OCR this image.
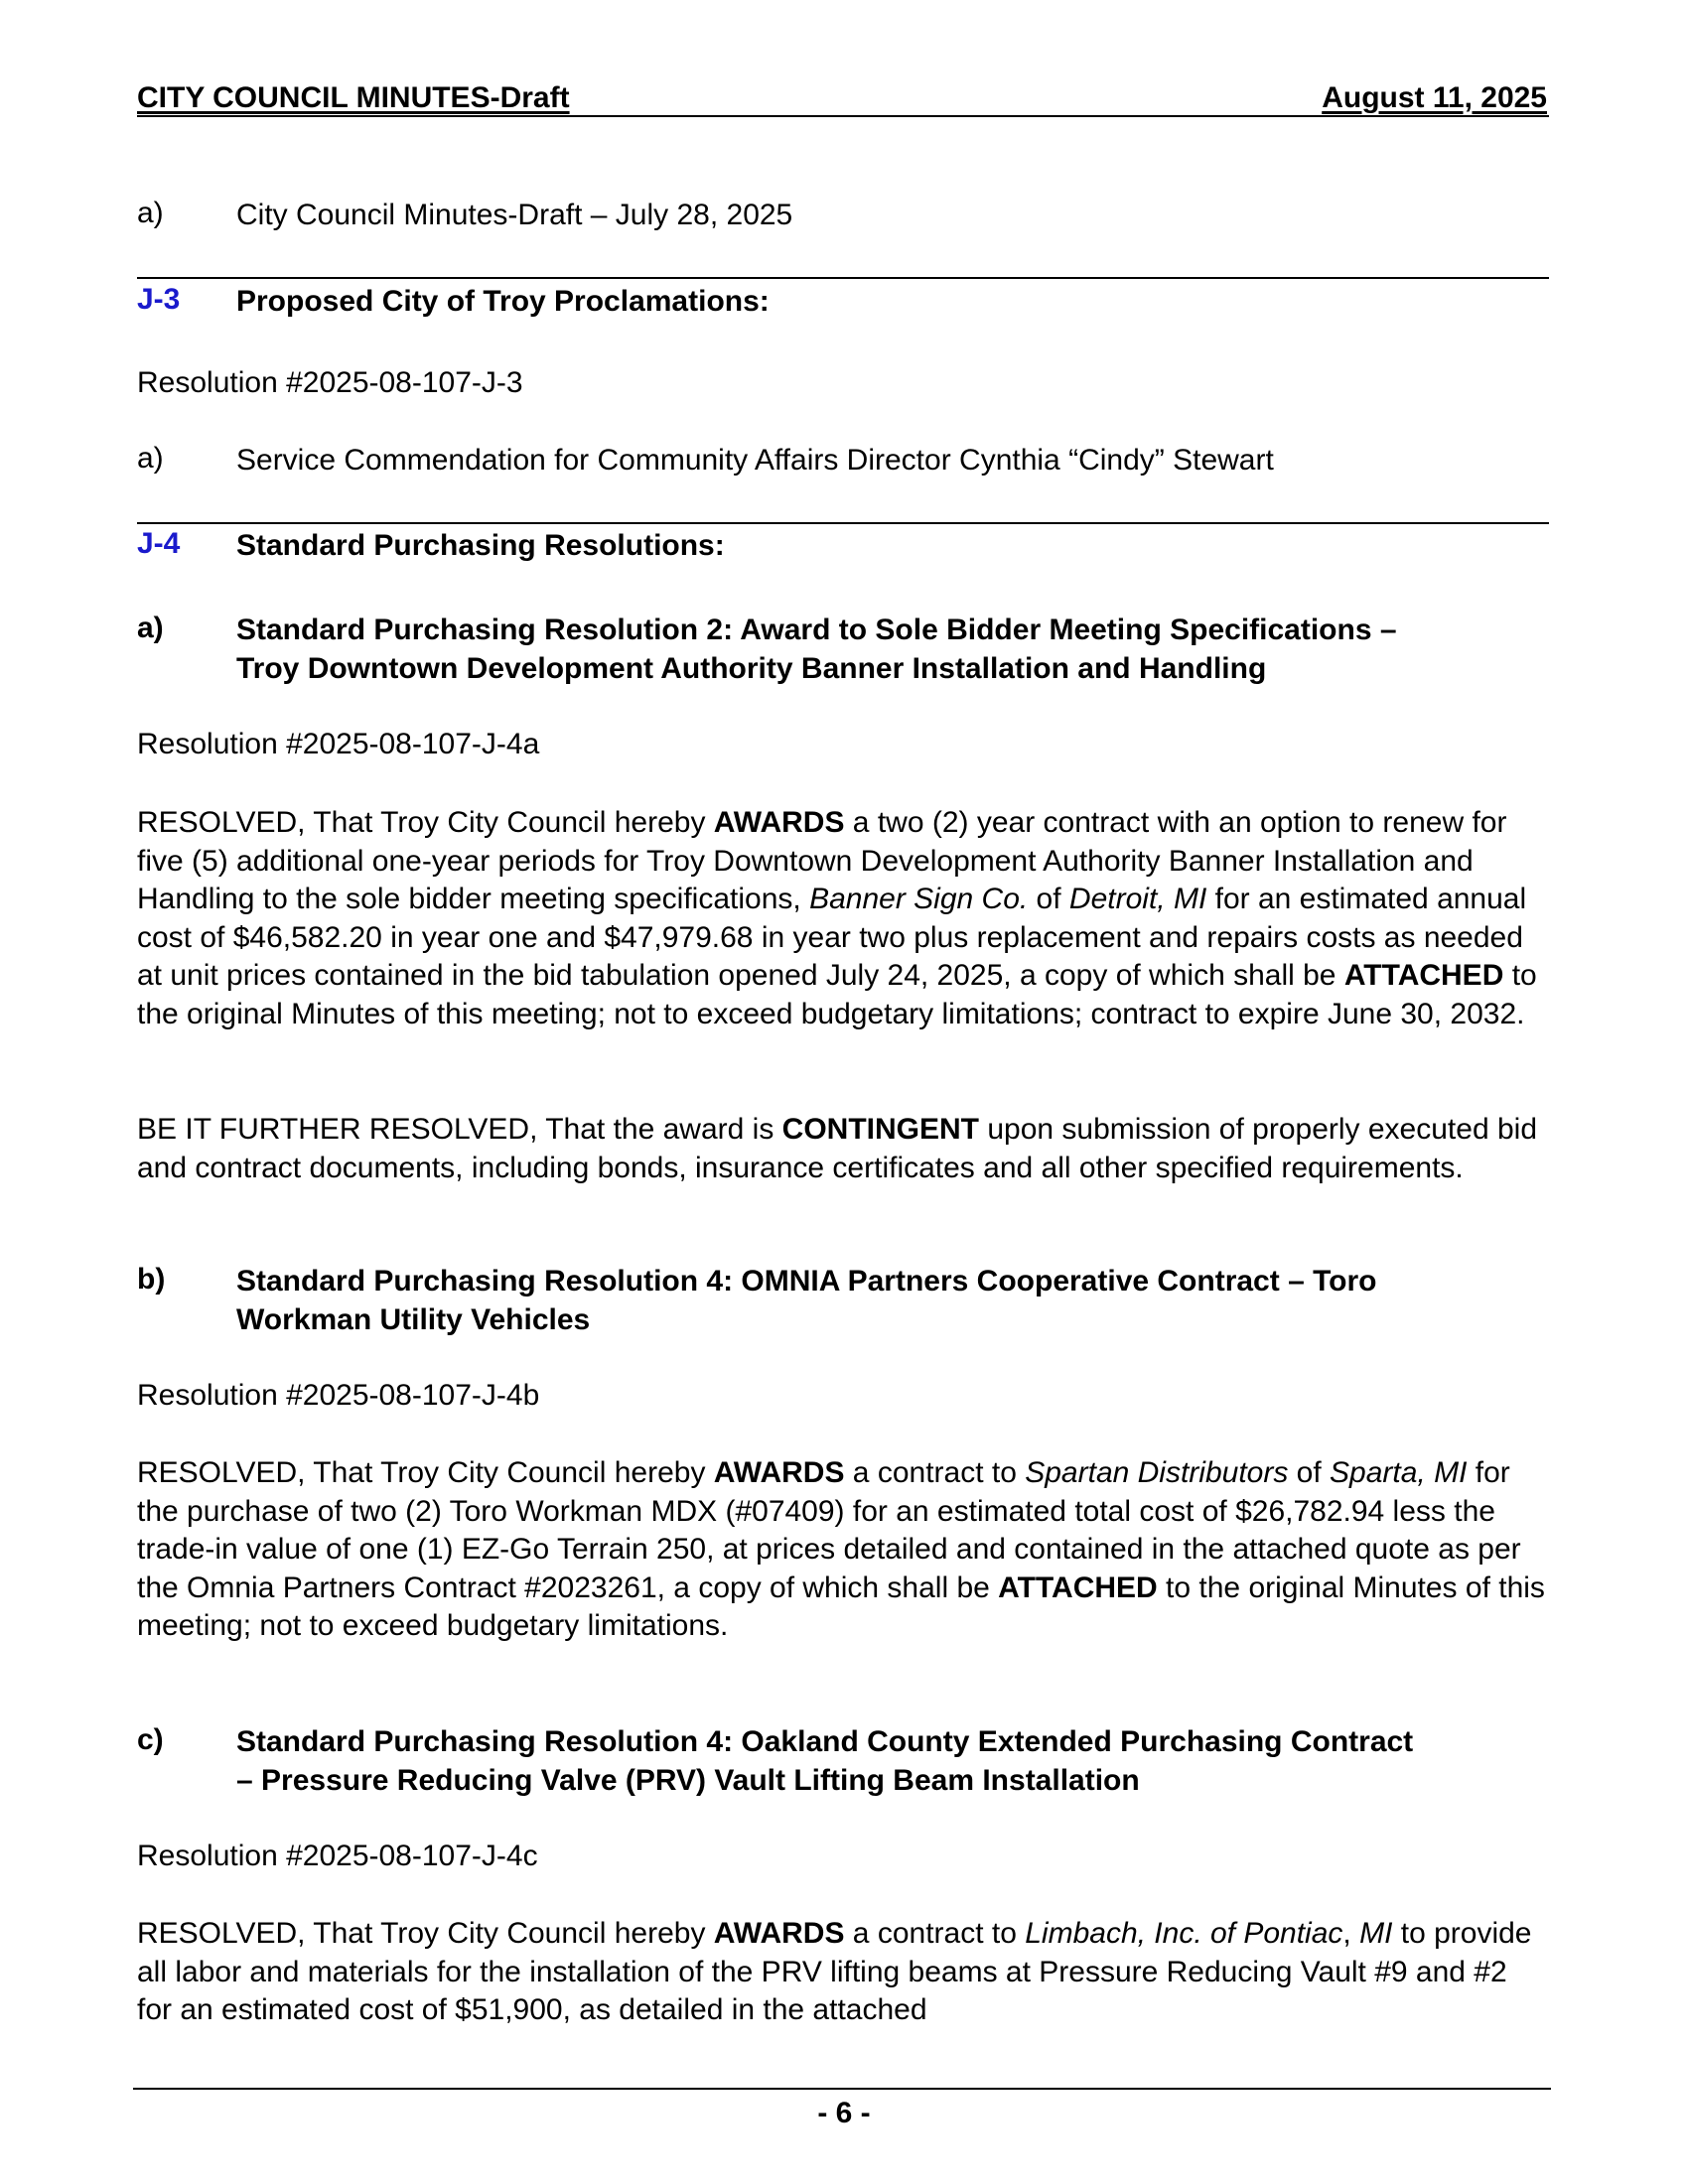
CITY COUNCIL MINUTES-Draft	August 11, 2025
a) City Council Minutes-Draft – July 28, 2025
J-3 Proposed City of Troy Proclamations:
Resolution #2025-08-107-J-3
a) Service Commendation for Community Affairs Director Cynthia “Cindy” Stewart
J-4 Standard Purchasing Resolutions:
a) Standard Purchasing Resolution 2: Award to Sole Bidder Meeting Specifications –
Troy Downtown Development Authority Banner Installation and Handling
Resolution #2025-08-107-J-4a
RESOLVED, That Troy City Council hereby AWARDS a two (2) year contract with an option to renew for five (5) additional one-year periods for Troy Downtown Development Authority Banner Installation and Handling to the sole bidder meeting specifications, Banner Sign Co. of Detroit, MI for an estimated annual cost of $46,582.20 in year one and $47,979.68 in year two plus replacement and repairs costs as needed at unit prices contained in the bid tabulation opened July 24, 2025, a copy of which shall be ATTACHED to the original Minutes of this meeting; not to exceed budgetary limitations; contract to expire June 30, 2032.
BE IT FURTHER RESOLVED, That the award is CONTINGENT upon submission of properly executed bid and contract documents, including bonds, insurance certificates and all other specified requirements.
b) Standard Purchasing Resolution 4: OMNIA Partners Cooperative Contract – Toro
Workman Utility Vehicles
Resolution #2025-08-107-J-4b
RESOLVED, That Troy City Council hereby AWARDS a contract to Spartan Distributors of Sparta, MI for the purchase of two (2) Toro Workman MDX (#07409) for an estimated total cost of $26,782.94 less the trade-in value of one (1) EZ-Go Terrain 250, at prices detailed and contained in the attached quote as per the Omnia Partners Contract #2023261, a copy of which shall be ATTACHED to the original Minutes of this meeting; not to exceed budgetary limitations.
c) Standard Purchasing Resolution 4: Oakland County Extended Purchasing Contract
– Pressure Reducing Valve (PRV) Vault Lifting Beam Installation
Resolution #2025-08-107-J-4c
RESOLVED, That Troy City Council hereby AWARDS a contract to Limbach, Inc. of Pontiac, MI to provide all labor and materials for the installation of the PRV lifting beams at Pressure Reducing Vault #9 and #2 for an estimated cost of $51,900, as detailed in the attached
- 6 -
